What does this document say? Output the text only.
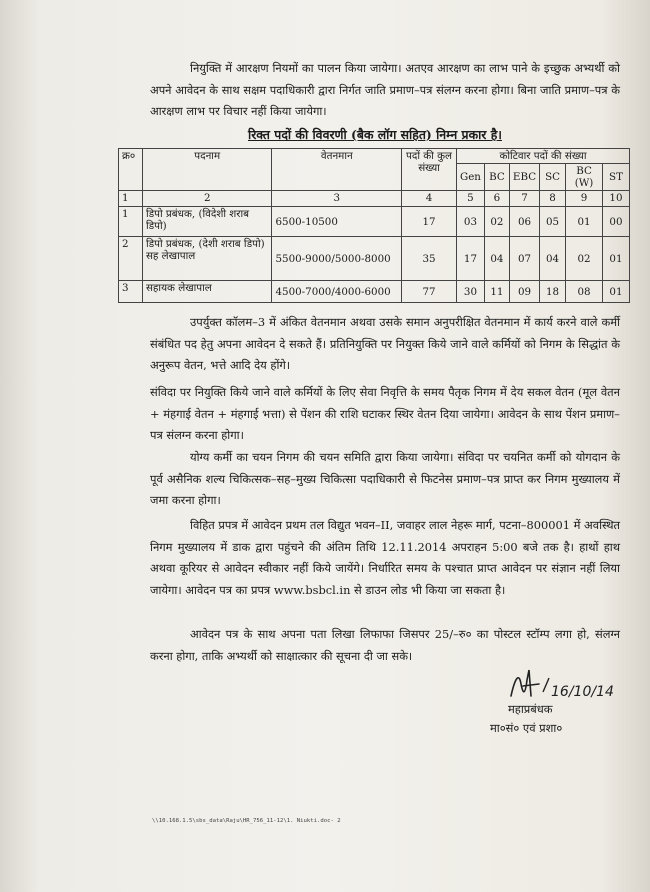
नियुक्ति में आरक्षण नियमों का पालन किया जायेगा। अतएव आरक्षण का लाभ पाने के इच्छुक अभ्यर्थी को अपने आवेदन के साथ सक्षम पदाधिकारी द्वारा निर्गत जाति प्रमाण–पत्र संलग्न करना होगा। बिना जाति प्रमाण–पत्र के आरक्षण लाभ पर विचार नहीं किया जायेगा।

रिक्त पदों की विवरणी (बैक लॉग सहित) निम्न प्रकार है।

क्र०	पदनाम	वेतनमान	पदों की कुल संख्या	कोटिवार पदों की संख्या					
				Gen	BC	EBC	SC	BC (W)	ST
1	2	3	4	5	6	7	8	9	10
1	डिपो प्रबंधक, (विदेशी शराब डिपो)	6500-10500	17	03	02	06	05	01	00
2	डिपो प्रबंधक, (देशी शराब डिपो) सह लेखापाल	5500-9000/5000-8000	35	17	04	07	04	02	01
3	सहायक लेखापाल	4500-7000/4000-6000	77	30	11	09	18	08	01

उपर्युक्त कॉलम–3 में अंकित वेतनमान अथवा उसके समान अनुपरीक्षित वेतनमान में कार्य करने वाले कर्मी संबंधित पद हेतु अपना आवेदन दे सकते हैं। प्रतिनियुक्ति पर नियुक्त किये जाने वाले कर्मियों को निगम के सिद्धांत के अनुरूप वेतन, भत्ते आदि देय होंगे।

संविदा पर नियुक्ति किये जाने वाले कर्मियों के लिए सेवा निवृत्ति के समय पैतृक निगम में देय सकल वेतन (मूल वेतन + मंहगाई वेतन + मंहगाई भत्ता) से पेंशन की राशि घटाकर स्थिर वेतन दिया जायेगा। आवेदन के साथ पेंशन प्रमाण–पत्र संलग्न करना होगा।

योग्य कर्मी का चयन निगम की चयन समिति द्वारा किया जायेगा। संविदा पर चयनित कर्मी को योगदान के पूर्व असैनिक शल्य चिकित्सक–सह–मुख्य चिकित्सा पदाधिकारी से फिटनेस प्रमाण–पत्र प्राप्त कर निगम मुख्यालय में जमा करना होगा।

विहित प्रपत्र में आवेदन प्रथम तल विद्युत भवन–II, जवाहर लाल नेहरू मार्ग, पटना–800001 में अवस्थित निगम मुख्यालय में डाक द्वारा पहुंचने की अंतिम तिथि 12.11.2014 अपराहन 5:00 बजे तक है। हाथों हाथ अथवा कूरियर से आवेदन स्वीकार नहीं किये जायेंगे। निर्धारित समय के पश्चात प्राप्त आवेदन पर संज्ञान नहीं लिया जायेगा। आवेदन पत्र का प्रपत्र www.bsbcl.in से डाउन लोड भी किया जा सकता है।

आवेदन पत्र के साथ अपना पता लिखा लिफाफा जिसपर 25/–रु० का पोस्टल स्टॉम्प लगा हो, संलग्न करना होगा, ताकि अभ्यर्थी को साक्षात्कार की सूचना दी जा सके।

16/10/14
महाप्रबंधक
मा०सं० एवं प्रशा०
\\10.168.1.5\sbs_data\Raju\HR_756_11-12\1. Niukti.doc- 2
